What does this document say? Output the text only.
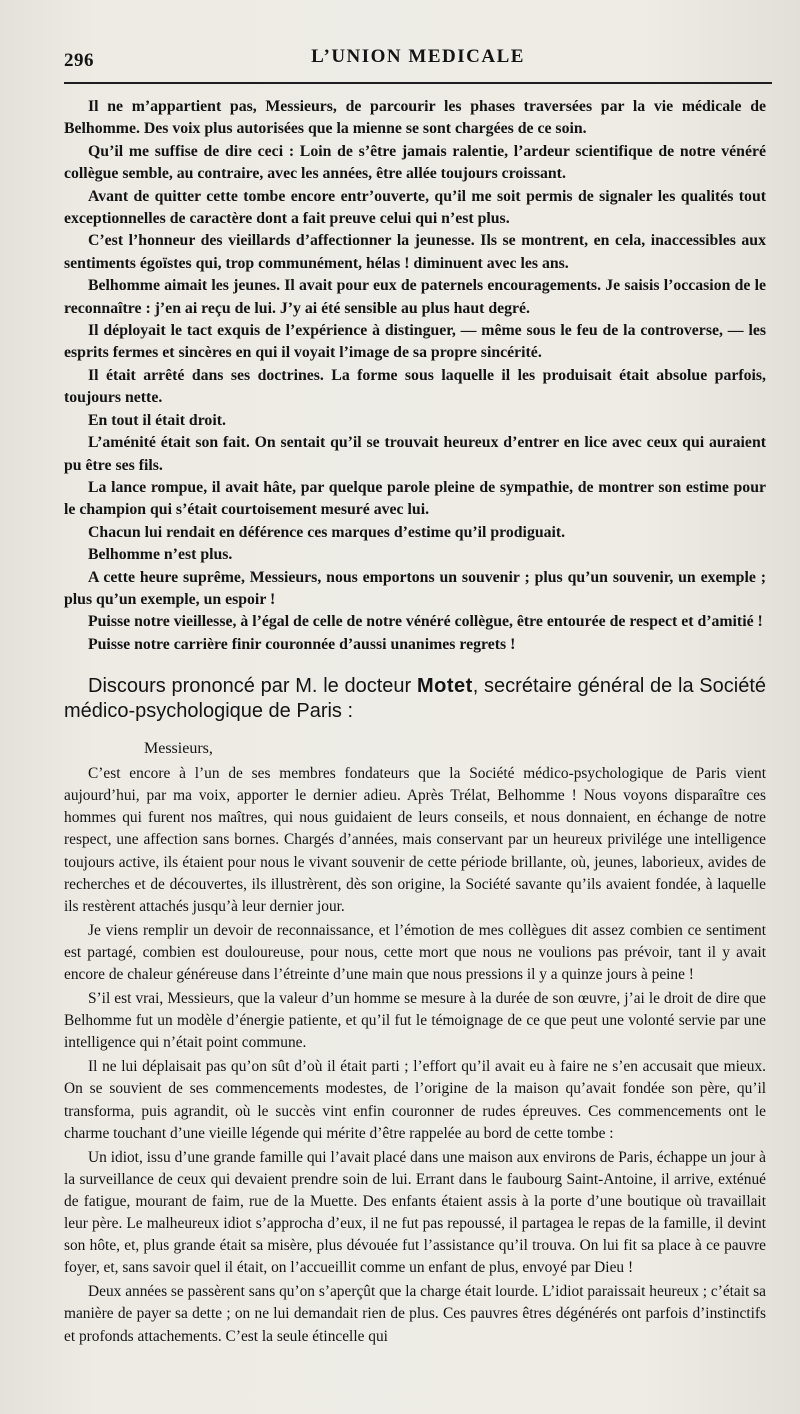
296	L’UNION MEDICALE

Il ne m’appartient pas, Messieurs, de parcourir les phases traversées par la vie médicale de Belhomme. Des voix plus autorisées que la mienne se sont chargées de ce soin.

Qu’il me suffise de dire ceci : Loin de s’être jamais ralentie, l’ardeur scientifique de notre vénéré collègue semble, au contraire, avec les années, être allée toujours croissant.

Avant de quitter cette tombe encore entr’ouverte, qu’il me soit permis de signaler les qualités tout exceptionnelles de caractère dont a fait preuve celui qui n’est plus.

C’est l’honneur des vieillards d’affectionner la jeunesse. Ils se montrent, en cela, inaccessibles aux sentiments égoïstes qui, trop communément, hélas ! diminuent avec les ans.

Belhomme aimait les jeunes. Il avait pour eux de paternels encouragements. Je saisis l’occasion de le reconnaître : j’en ai reçu de lui. J’y ai été sensible au plus haut degré.

Il déployait le tact exquis de l’expérience à distinguer, — même sous le feu de la controverse, — les esprits fermes et sincères en qui il voyait l’image de sa propre sincérité.

Il était arrêté dans ses doctrines. La forme sous laquelle il les produisait était absolue parfois, toujours nette.

En tout il était droit.

L’aménité était son fait. On sentait qu’il se trouvait heureux d’entrer en lice avec ceux qui auraient pu être ses fils.

La lance rompue, il avait hâte, par quelque parole pleine de sympathie, de montrer son estime pour le champion qui s’était courtoisement mesuré avec lui.

Chacun lui rendait en déférence ces marques d’estime qu’il prodiguait.

Belhomme n’est plus.

A cette heure suprême, Messieurs, nous emportons un souvenir ; plus qu’un souvenir, un exemple ; plus qu’un exemple, un espoir !

Puisse notre vieillesse, à l’égal de celle de notre vénéré collègue, être entourée de respect et d’amitié !

Puisse notre carrière finir couronnée d’aussi unanimes regrets !

Discours prononcé par M. le docteur Motet, secrétaire général de la Société médico-psychologique de Paris :
Messieurs,

C’est encore à l’un de ses membres fondateurs que la Société médico-psychologique de Paris vient aujourd’hui, par ma voix, apporter le dernier adieu. Après Trélat, Belhomme ! Nous voyons disparaître ces hommes qui furent nos maîtres, qui nous guidaient de leurs conseils, et nous donnaient, en échange de notre respect, une affection sans bornes. Chargés d’années, mais conservant par un heureux privilége une intelligence toujours active, ils étaient pour nous le vivant souvenir de cette période brillante, où, jeunes, laborieux, avides de recherches et de découvertes, ils illustrèrent, dès son origine, la Société savante qu’ils avaient fondée, à laquelle ils restèrent attachés jusqu’à leur dernier jour.

Je viens remplir un devoir de reconnaissance, et l’émotion de mes collègues dit assez combien ce sentiment est partagé, combien est douloureuse, pour nous, cette mort que nous ne voulions pas prévoir, tant il y avait encore de chaleur généreuse dans l’étreinte d’une main que nous pressions il y a quinze jours à peine !

S’il est vrai, Messieurs, que la valeur d’un homme se mesure à la durée de son œuvre, j’ai le droit de dire que Belhomme fut un modèle d’énergie patiente, et qu’il fut le témoignage de ce que peut une volonté servie par une intelligence qui n’était point commune.

Il ne lui déplaisait pas qu’on sût d’où il était parti ; l’effort qu’il avait eu à faire ne s’en accusait que mieux. On se souvient de ses commencements modestes, de l’origine de la maison qu’avait fondée son père, qu’il transforma, puis agrandit, où le succès vint enfin couronner de rudes épreuves. Ces commencements ont le charme touchant d’une vieille légende qui mérite d’être rappelée au bord de cette tombe :

Un idiot, issu d’une grande famille qui l’avait placé dans une maison aux environs de Paris, échappe un jour à la surveillance de ceux qui devaient prendre soin de lui. Errant dans le faubourg Saint-Antoine, il arrive, exténué de fatigue, mourant de faim, rue de la Muette. Des enfants étaient assis à la porte d’une boutique où travaillait leur père. Le malheureux idiot s’approcha d’eux, il ne fut pas repoussé, il partagea le repas de la famille, il devint son hôte, et, plus grande était sa misère, plus dévouée fut l’assistance qu’il trouva. On lui fit sa place à ce pauvre foyer, et, sans savoir quel il était, on l’accueillit comme un enfant de plus, envoyé par Dieu !

Deux années se passèrent sans qu’on s’aperçût que la charge était lourde. L’idiot paraissait heureux ; c’était sa manière de payer sa dette ; on ne lui demandait rien de plus. Ces pauvres êtres dégénérés ont parfois d’instinctifs et profonds attachements. C’est la seule étincelle qui
